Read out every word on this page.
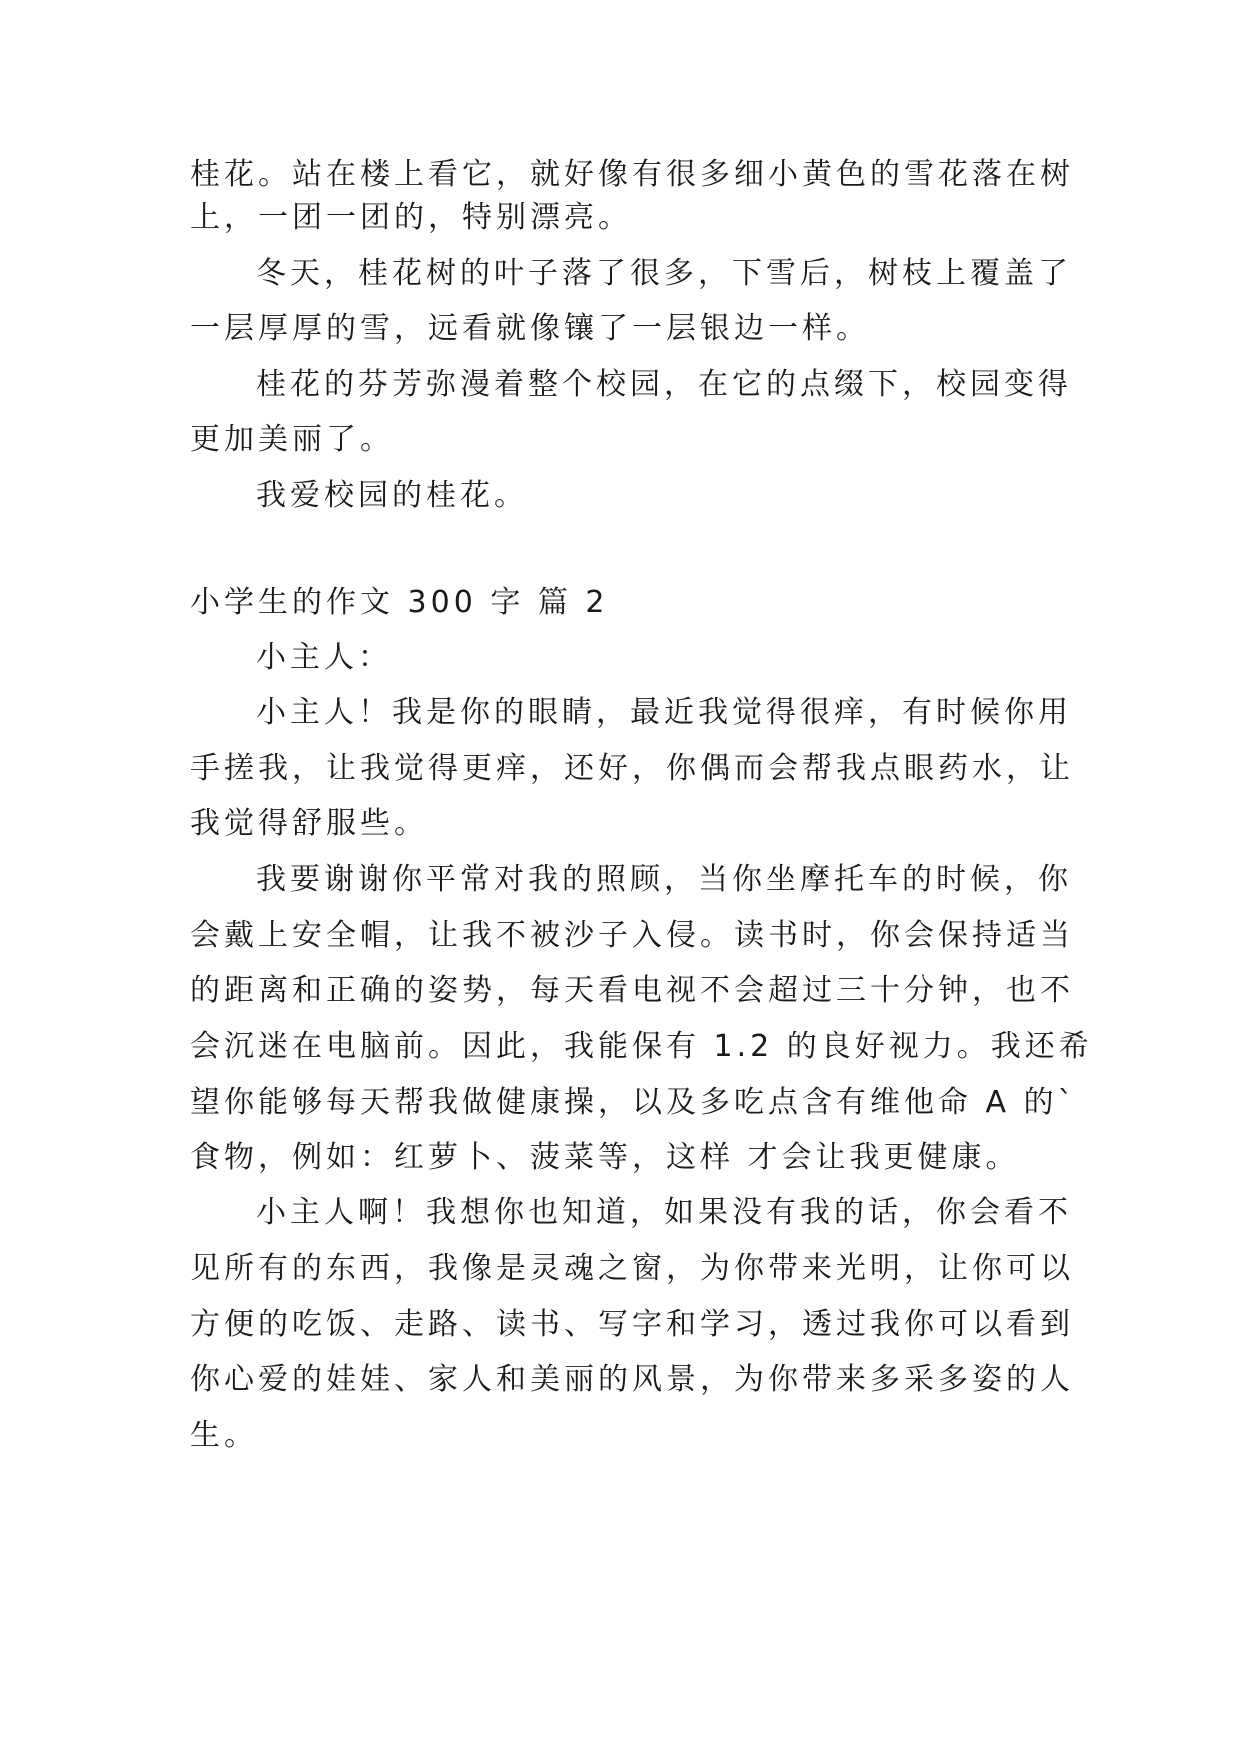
桂花。站在楼上看它，就好像有很多细小黄色的雪花落在树

上，一团一团的，特别漂亮。

冬天，桂花树的叶子落了很多，下雪后，树枝上覆盖了

一层厚厚的雪，远看就像镶了一层银边一样。

桂花的芬芳弥漫着整个校园，在它的点缀下，校园变得

更加美丽了。

我爱校园的桂花。

小学生的作文 300 字 篇 2

小主人：

小主人！我是你的眼睛，最近我觉得很痒，有时候你用

手搓我，让我觉得更痒，还好，你偶而会帮我点眼药水，让

我觉得舒服些。

我要谢谢你平常对我的照顾，当你坐摩托车的时候，你

会戴上安全帽，让我不被沙子入侵。读书时，你会保持适当

的距离和正确的姿势，每天看电视不会超过三十分钟，也不

会沉迷在电脑前。因此，我能保有 1.2 的良好视力。我还希

望你能够每天帮我做健康操，以及多吃点含有维他命 A 的`

食物，例如：红萝卜、菠菜等，这样 才会让我更健康。

小主人啊！我想你也知道，如果没有我的话，你会看不

见所有的东西，我像是灵魂之窗，为你带来光明，让你可以

方便的吃饭、走路、读书、写字和学习，透过我你可以看到

你心爱的娃娃、家人和美丽的风景，为你带来多采多姿的人

生。
